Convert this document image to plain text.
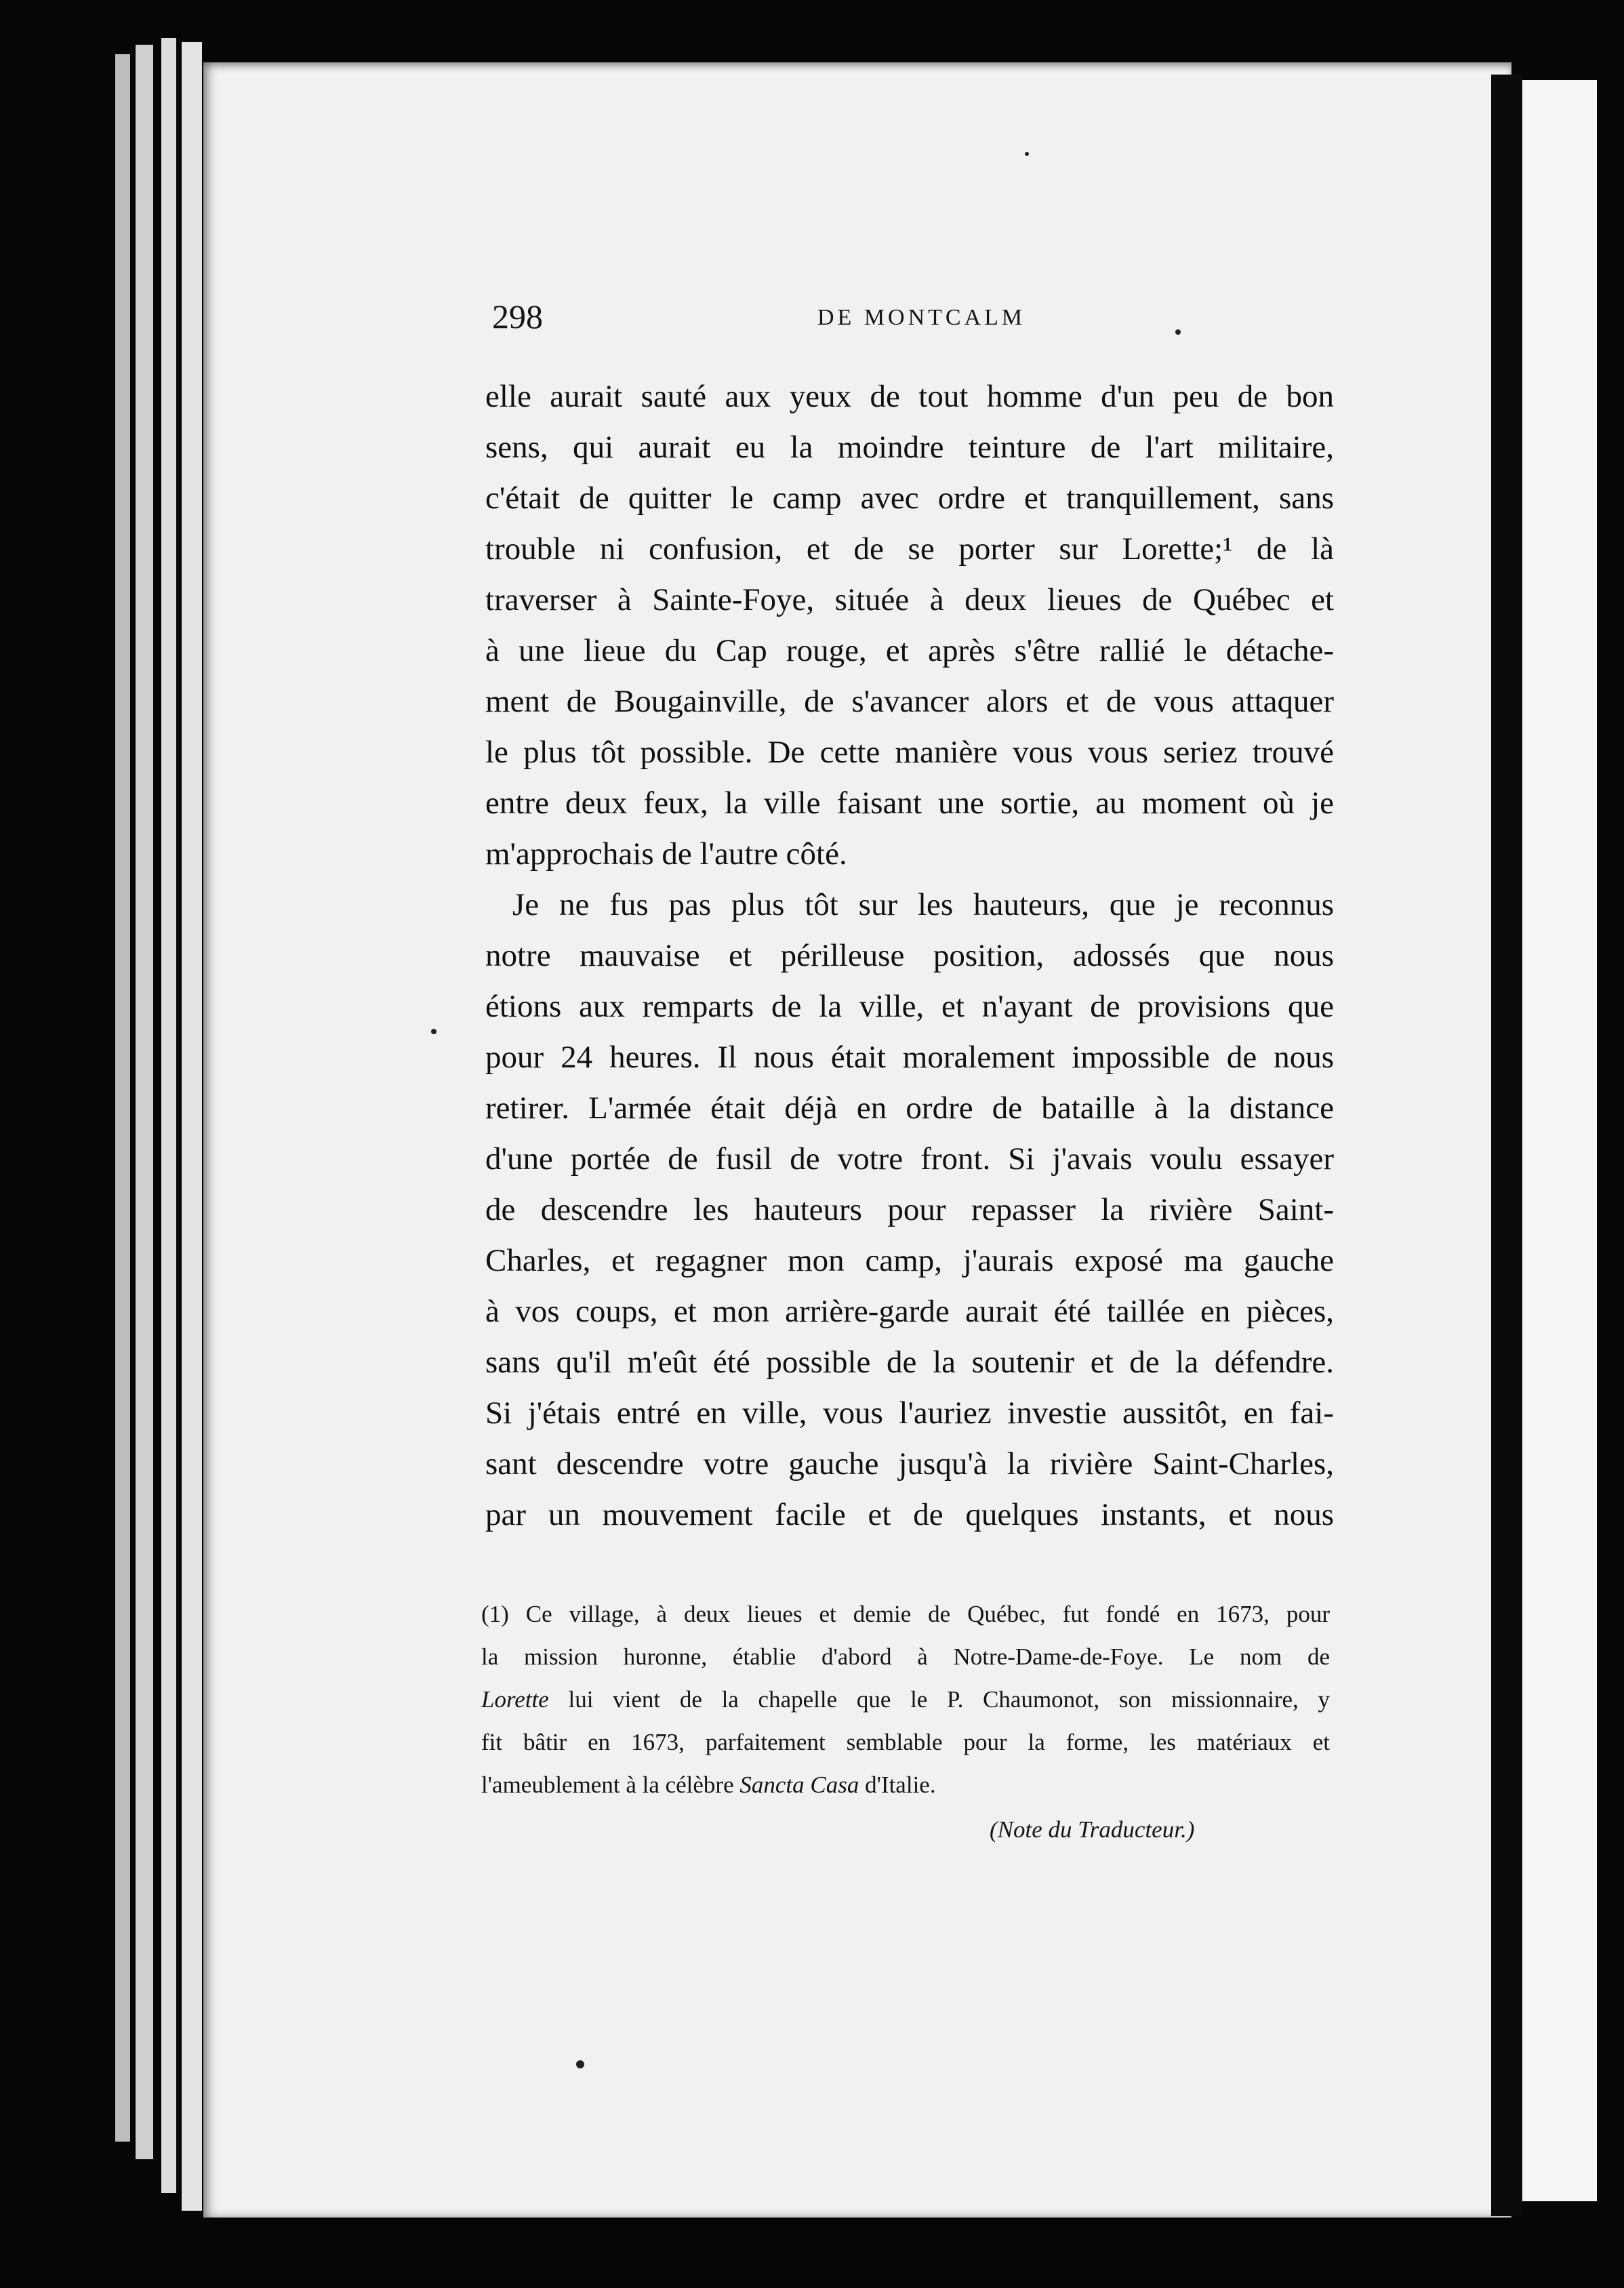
298	DE MONTCALM
elle aurait sauté aux yeux de tout homme d'un peu de bon
sens, qui aurait eu la moindre teinture de l'art militaire,
c'était de quitter le camp avec ordre et tranquillement, sans
trouble ni confusion, et de se porter sur Lorette;¹ de là
traverser à Sainte-Foye, située à deux lieues de Québec et
à une lieue du Cap rouge, et après s'être rallié le détache-
ment de Bougainville, de s'avancer alors et de vous attaquer
le plus tôt possible. De cette manière vous vous seriez trouvé
entre deux feux, la ville faisant une sortie, au moment où je
m'approchais de l'autre côté.
Je ne fus pas plus tôt sur les hauteurs, que je reconnus
notre mauvaise et périlleuse position, adossés que nous
étions aux remparts de la ville, et n'ayant de provisions que
pour 24 heures. Il nous était moralement impossible de nous
retirer. L'armée était déjà en ordre de bataille à la distance
d'une portée de fusil de votre front. Si j'avais voulu essayer
de descendre les hauteurs pour repasser la rivière Saint-
Charles, et regagner mon camp, j'aurais exposé ma gauche
à vos coups, et mon arrière-garde aurait été taillée en pièces,
sans qu'il m'eût été possible de la soutenir et de la défendre.
Si j'étais entré en ville, vous l'auriez investie aussitôt, en fai-
sant descendre votre gauche jusqu'à la rivière Saint-Charles,
par un mouvement facile et de quelques instants, et nous
(1) Ce village, à deux lieues et demie de Québec, fut fondé en 1673, pour
la mission huronne, établie d'abord à Notre-Dame-de-Foye. Le nom de
Lorette lui vient de la chapelle que le P. Chaumonot, son missionnaire, y
fit bâtir en 1673, parfaitement semblable pour la forme, les matériaux et
l'ameublement à la célèbre Sancta Casa d'Italie.
(Note du Traducteur.)
